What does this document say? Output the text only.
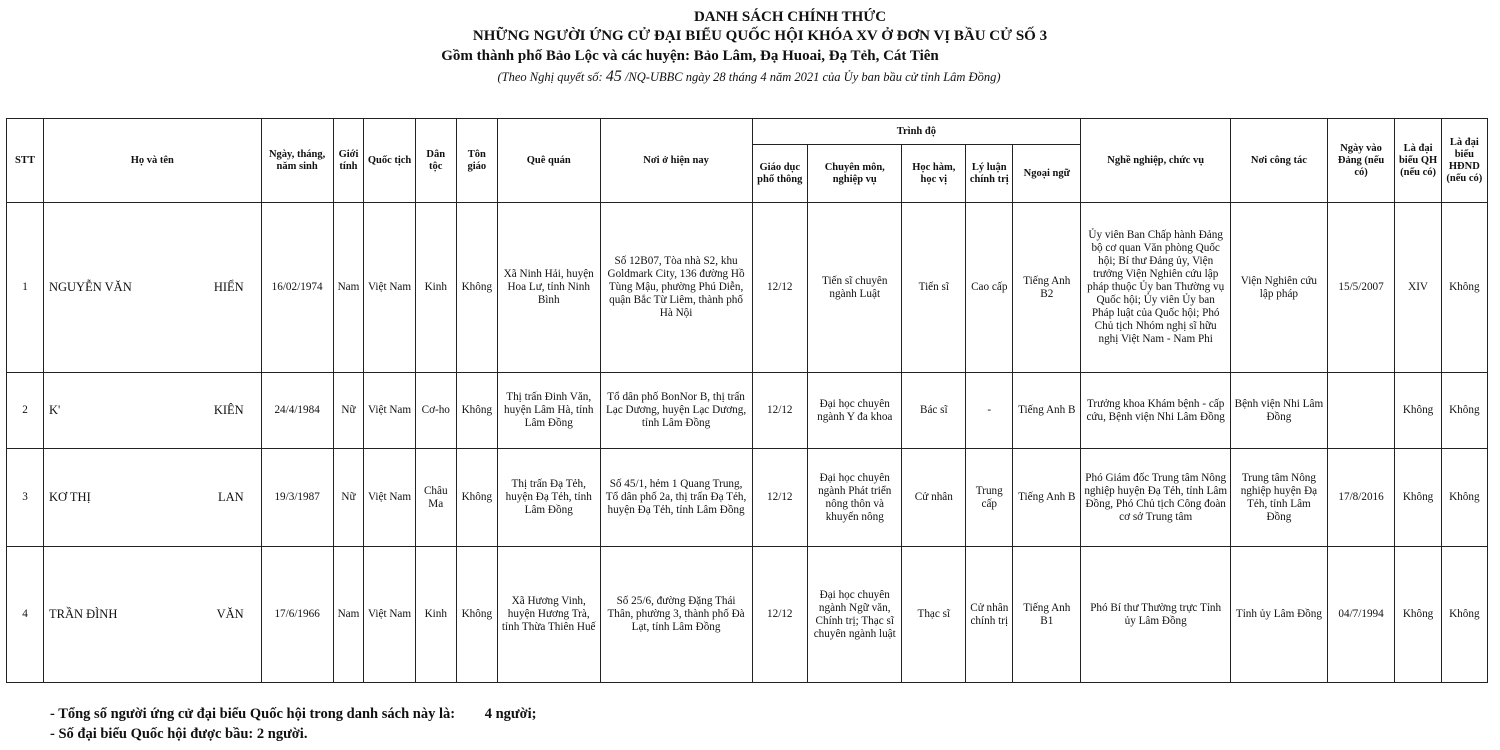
DANH SÁCH CHÍNH THỨC
NHỮNG NGƯỜI ỨNG CỬ ĐẠI BIỂU QUỐC HỘI KHÓA XV Ở ĐƠN VỊ BẦU CỬ SỐ 3
Gồm thành phố Bảo Lộc và các huyện: Bảo Lâm, Đạ Huoai, Đạ Tẻh, Cát Tiên
(Theo Nghị quyết số: 45 /NQ-UBBC ngày 28 tháng 4 năm 2021 của Ủy ban bầu cử tỉnh Lâm Đồng)
STT	Họ và tên	Ngày, tháng, năm sinh	Giới tính	Quốc tịch	Dân tộc	Tôn giáo	Quê quán	Nơi ở hiện nay	Trình độ					Nghề nghiệp, chức vụ	Nơi công tác	Ngày vào Đảng (nếu có)	Là đại biểu QH (nếu có)	Là đại biểu HĐND (nếu có)
									Giáo dục phổ thông	Chuyên môn, nghiệp vụ	Học hàm, học vị	Lý luận chính trị	Ngoại ngữ					
1	NGUYỄN VĂN HIỂN	16/02/1974	Nam	Việt Nam	Kinh	Không	Xã Ninh Hải, huyện Hoa Lư, tỉnh Ninh Bình	Số 12B07, Tòa nhà S2, khu Goldmark City, 136 đường Hồ Tùng Mậu, phường Phú Diễn, quận Bắc Từ Liêm, thành phố Hà Nội	12/12	Tiến sĩ chuyên ngành Luật	Tiến sĩ	Cao cấp	Tiếng Anh B2	Ủy viên Ban Chấp hành Đảng bộ cơ quan Văn phòng Quốc hội; Bí thư Đảng ủy, Viện trưởng Viện Nghiên cứu lập pháp thuộc Ủy ban Thường vụ Quốc hội; Ủy viên Ủy ban Pháp luật của Quốc hội; Phó Chủ tịch Nhóm nghị sĩ hữu nghị Việt Nam - Nam Phi	Viện Nghiên cứu lập pháp	15/5/2007	XIV	Không
2	K' KIÊN	24/4/1984	Nữ	Việt Nam	Cơ-ho	Không	Thị trấn Đinh Văn, huyện Lâm Hà, tỉnh Lâm Đồng	Tổ dân phố BonNor B, thị trấn Lạc Dương, huyện Lạc Dương, tỉnh Lâm Đồng	12/12	Đại học chuyên ngành Y đa khoa	Bác sĩ	-	Tiếng Anh B	Trưởng khoa Khám bệnh - cấp cứu, Bệnh viện Nhi Lâm Đồng	Bệnh viện Nhi Lâm Đồng		Không	Không
3	KƠ THỊ LAN	19/3/1987	Nữ	Việt Nam	Châu Ma	Không	Thị trấn Đạ Tẻh, huyện Đạ Tẻh, tỉnh Lâm Đồng	Số 45/1, hẻm 1 Quang Trung, Tổ dân phố 2a, thị trấn Đạ Tẻh, huyện Đạ Tẻh, tỉnh Lâm Đồng	12/12	Đại học chuyên ngành Phát triển nông thôn và khuyến nông	Cử nhân	Trung cấp	Tiếng Anh B	Phó Giám đốc Trung tâm Nông nghiệp huyện Đạ Tẻh, tỉnh Lâm Đồng, Phó Chủ tịch Công đoàn cơ sở Trung tâm	Trung tâm Nông nghiệp huyện Đạ Tẻh, tỉnh Lâm Đồng	17/8/2016	Không	Không
4	TRẦN ĐÌNH VĂN	17/6/1966	Nam	Việt Nam	Kinh	Không	Xã Hương Vinh, huyện Hương Trà, tỉnh Thừa Thiên Huế	Số 25/6, đường Đặng Thái Thân, phường 3, thành phố Đà Lạt, tỉnh Lâm Đồng	12/12	Đại học chuyên ngành Ngữ văn, Chính trị; Thạc sĩ chuyên ngành luật	Thạc sĩ	Cử nhân chính trị	Tiếng Anh B1	Phó Bí thư Thường trực Tỉnh ủy Lâm Đồng	Tỉnh ủy Lâm Đồng	04/7/1994	Không	Không
- Tổng số người ứng cử đại biểu Quốc hội trong danh sách này là: 4 người;
- Số đại biểu Quốc hội được bầu: 2 người.
